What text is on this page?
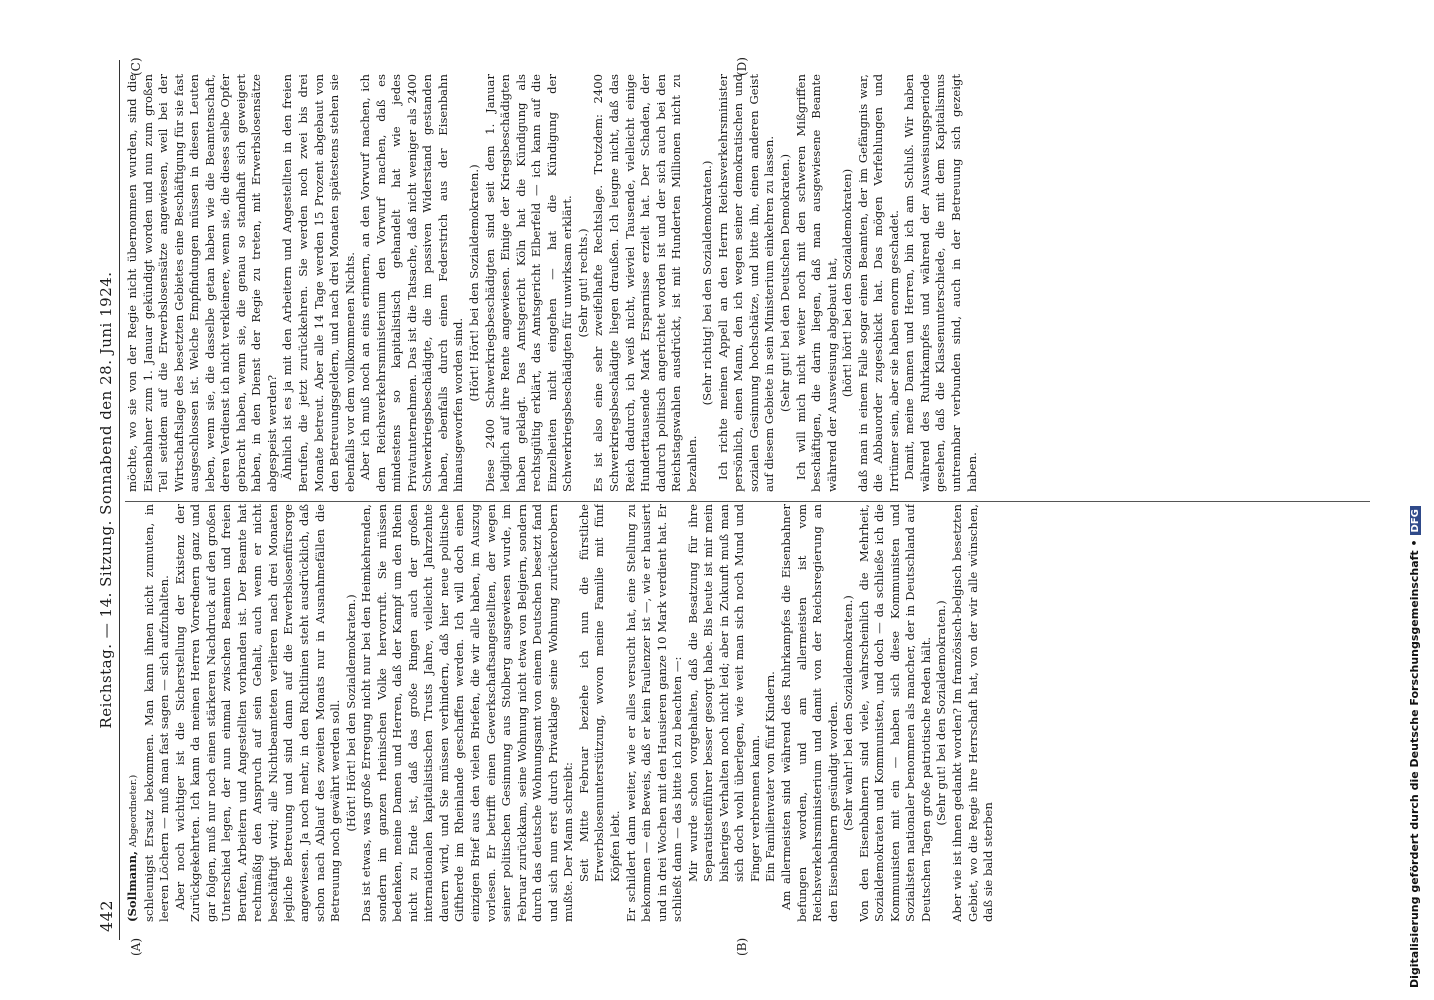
442
Reichstag. — 14. Sitzung. Sonnabend den 28. Juni 1924.

(Sollmann, Abgeordneter.) schleunigst Ersatz bekommen. Man kann ihnen nicht zumuten, in leeren Löchern — muß man fast sagen — sich aufzuhalten. Aber noch wichtiger ist die Sicherstellung der Existenz der Zurückgekehrten. Ich kann da meinen Herren Vorrednern ganz und gar folgen, muß nur noch einen stärkeren Nachdruck auf den großen Unterschied legen, der nun einmal zwischen Beamten und freien Berufen, Arbeitern und Angestellten vorhanden ist. Der Beamte hat rechtmäßig den Anspruch auf sein Gehalt, auch wenn er nicht beschäftigt wird; alle Nichtbeamteten verlieren nach drei Monaten jegliche Betreuung und sind dann auf die Erwerbslosenfürsorge angewiesen. Ja noch mehr, in den Richtlinien steht ausdrücklich, daß schon nach Ablauf des zweiten Monats nur in Ausnahmefällen die Betreuung noch gewährt werden soll. (Hört! Hört! bei den Sozialdemokraten.) Das ist etwas, was große Erregung nicht nur bei den Heimkehrenden, sondern im ganzen rheinischen Volke hervorruft. Sie müssen bedenken, meine Damen und Herren, daß der Kampf um den Rhein nicht zu Ende ist, daß das große Ringen auch der großen internationalen kapitalistischen Trusts Jahre, vielleicht Jahrzehnte dauern wird, und Sie müssen verhindern, daß hier neue politische Giftherde im Rheinlande geschaffen werden. Ich will doch einen einzigen Brief aus den vielen Briefen, die wir alle haben, im Auszug vorlesen. Er betrifft einen Gewerkschaftsangestellten, der wegen seiner politischen Gesinnung aus Stolberg ausgewiesen wurde, im Februar zurückkam, seine Wohnung nicht etwa von Belgiern, sondern durch das deutsche Wohnungsamt von einem Deutschen besetzt fand und sich nun erst durch Privatklage seine Wohnung zurückerobern mußte. Der Mann schreibt: Seit Mitte Februar beziehe ich nun die fürstliche Erwerbslosenunterstützung, wovon meine Familie mit fünf Köpfen lebt. Er schildert dann weiter, wie er alles versucht hat, eine Stellung zu bekommen — ein Beweis, daß er kein Faulenzer ist —, wie er hausiert und in drei Wochen mit den Hausieren ganze 10 Mark verdient hat. Er schließt dann — das bitte ich zu beachten —: Mir wurde schon vorgehalten, daß die Besatzung für ihre Separatistenführer besser gesorgt habe. Bis heute ist mir mein bisheriges Verhalten noch nicht leid; aber in Zukunft muß man sich doch wohl überlegen, wie weit man sich noch Mund und Finger verbrennen kann. Ein Familienvater von fünf Kindern. Am allermeisten sind während des Ruhrkampfes die Eisenbahner befungen worden, und am allermeisten ist vom Reichsverkehrsministerium und damit von der Reichsregierung an den Eisenbahnern gesündigt worden. (Sehr wahr! bei den Sozialdemokraten.) Von den Eisenbahnern sind viele, wahrscheinlich die Mehrheit, Sozialdemokraten und Kommunisten, und doch — da schließe ich die Kommunisten mit ein — haben sich diese Kommunisten und Sozialisten nationaler benommen als mancher, der in Deutschland auf Deutschen Tagen große patriotische Reden hält. (Sehr gut! bei den Sozialdemokraten.) Aber wie ist ihnen gedankt worden? Im französisch-belgisch besetzten Gebiet, wo die Regie ihre Herrschaft hat, von der wir alle wünschen, daß sie bald sterben

möchte, wo sie von der Regie nicht übernommen wurden, sind die Eisenbahner zum 1. Januar gekündigt worden und nun zum großen Teil seitdem auf die Erwerbslosensätze angewiesen, weil bei der Wirtschaftslage des besetzten Gebietes eine Beschäftigung für sie fast ausgeschlossen ist. Welche Empfindungen müssen in diesen Leuten leben, wenn sie, die dasselbe getan haben wie die Beamtenschaft, deren Verdienst ich nicht verkleinere, wenn sie, die dieses selbe Opfer gebracht haben, wenn sie, die genau so standhaft sich geweigert haben, in den Dienst der Regie zu treten, mit Erwerbslosensätze abgespeist werden? Ähnlich ist es ja mit den Arbeitern und Angestellten in den freien Berufen, die jetzt zurückkehren. Sie werden noch zwei bis drei Monate betreut. Aber alle 14 Tage werden 15 Prozent abgebaut von den Betreuungsgeldern, und nach drei Monaten spätestens stehen sie ebenfalls vor dem vollkommenen Nichts. Aber ich muß noch an eins erinnern, an den Vorwurf machen, ich dem Reichsverkehrsministerium den Vorwurf machen, daß es mindestens so kapitalistisch gehandelt hat wie jedes Privatunternehmen. Das ist die Tatsache, daß nicht weniger als 2400 Schwerkriegsbeschädigte, die im passiven Widerstand gestanden haben, ebenfalls durch einen Federstrich aus der Eisenbahn hinausgeworfen worden sind.

(Hört! Hört! bei den Sozialdemokraten.) Diese 2400 Schwerkriegsbeschädigten sind seit dem 1. Januar lediglich auf ihre Rente angewiesen. Einige der Kriegsbeschädigten haben geklagt. Das Amtsgericht Köln hat die Kündigung als rechtsgültig erklärt, das Amtsgericht Elberfeld — ich kann auf die Einzelheiten nicht eingehen — hat die Kündigung der Schwerkriegsbeschädigten für unwirksam erklärt. (Sehr gut! rechts.) Es ist also eine sehr zweifelhafte Rechtslage. Trotzdem: 2400 Schwerkriegsbeschädigte liegen draußen. Ich leugne nicht, daß das Reich dadurch, ich weiß nicht, wieviel Tausende, vielleicht einige Hunderttausende Mark Ersparnisse erzielt hat. Der Schaden, der dadurch politisch angerichtet worden ist und der sich auch bei den Reichstagswahlen ausdrückt, ist mit Hunderten Millionen nicht zu bezahlen.

(Sehr richtig! bei den Sozialdemokraten.) Ich richte meinen Appell an den Herrn Reichsverkehrsminister persönlich, einen Mann, den ich wegen seiner demokratischen und sozialen Gesinnung hochschätze, und bitte ihn, einen anderen Geist auf diesem Gebiete in sein Ministerium einkehren zu lassen. (Sehr gut! bei den Deutschen Demokraten.) Ich will mich nicht weiter noch mit den schweren Mißgriffen beschäftigen, die darin liegen, daß man ausgewiesene Beamte während der Ausweisung abgebaut hat, (hört! hört! bei den Sozialdemokraten) daß man in einem Falle sogar einen Beamten, der im Gefängnis war, die Abbauorder zugeschickt hat. Das mögen Verfehlungen und Irrtümer sein, aber sie haben enorm geschadet. Damit, meine Damen und Herren, bin ich am Schluß. Wir haben während des Ruhrkampfes und während der Ausweisungsperiode gesehen, daß die Klassenunterschiede, die mit dem Kapitalismus untrennbar verbunden sind, auch in der Betreuung sich gezeigt haben.

(A)	(B)
(C)	(D)
Digitalisierung gefördert durch die Deutsche Forschungsgemeinschaft •DFG
